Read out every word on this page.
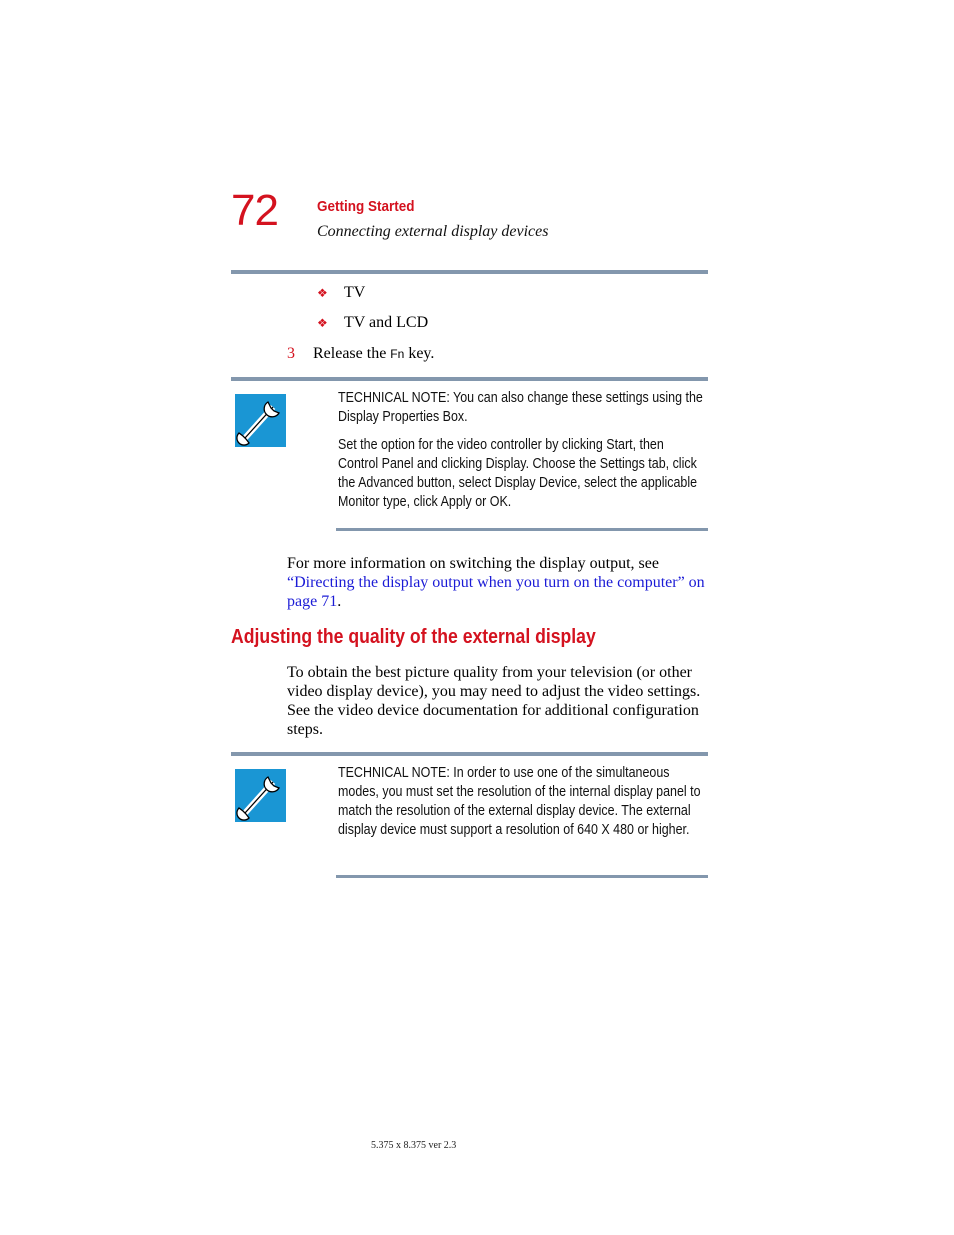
72	Getting Started
Connecting external display devices
❖ TV
❖ TV and LCD
3 Release the Fn key.
TECHNICAL NOTE: You can also change these settings using the Display Properties Box.
Set the option for the video controller by clicking Start, then Control Panel and clicking Display. Choose the Settings tab, click the Advanced button, select Display Device, select the applicable Monitor type, click Apply or OK.
For more information on switching the display output, see “Directing the display output when you turn on the computer” on page 71.
Adjusting the quality of the external display
To obtain the best picture quality from your television (or other video display device), you may need to adjust the video settings. See the video device documentation for additional configuration steps.
TECHNICAL NOTE: In order to use one of the simultaneous modes, you must set the resolution of the internal display panel to match the resolution of the external display device. The external display device must support a resolution of 640 X 480 or higher.
5.375 x 8.375 ver 2.3
